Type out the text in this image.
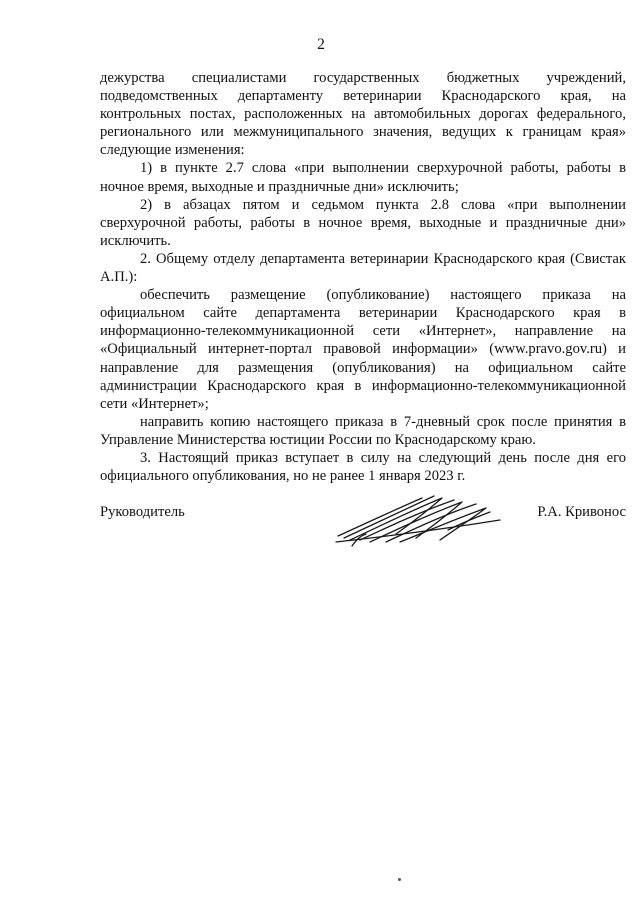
2

дежурства специалистами государственных бюджетных учреждений, подведомственных департаменту ветеринарии Краснодарского края, на контрольных постах, расположенных на автомобильных дорогах федерального, регионального или межмуниципального значения, ведущих к границам края» следующие изменения:

1) в пункте 2.7 слова «при выполнении сверхурочной работы, работы в ночное время, выходные и праздничные дни» исключить;

2) в абзацах пятом и седьмом пункта 2.8 слова «при выполнении сверхурочной работы, работы в ночное время, выходные и праздничные дни» исключить.

2. Общему отделу департамента ветеринарии Краснодарского края (Свистак А.П.):

обеспечить размещение (опубликование) настоящего приказа на официальном сайте департамента ветеринарии Краснодарского края в информационно-телекоммуникационной сети «Интернет», направление на «Официальный интернет-портал правовой информации» (www.pravo.gov.ru) и направление для размещения (опубликования) на официальном сайте администрации Краснодарского края в информационно-телекоммуникационной сети «Интернет»;

направить копию настоящего приказа в 7-дневный срок после принятия в Управление Министерства юстиции России по Краснодарскому краю.

3. Настоящий приказ вступает в силу на следующий день после дня его официального опубликования, но не ранее 1 января 2023 г.

Руководитель	Р.А. Кривонос
